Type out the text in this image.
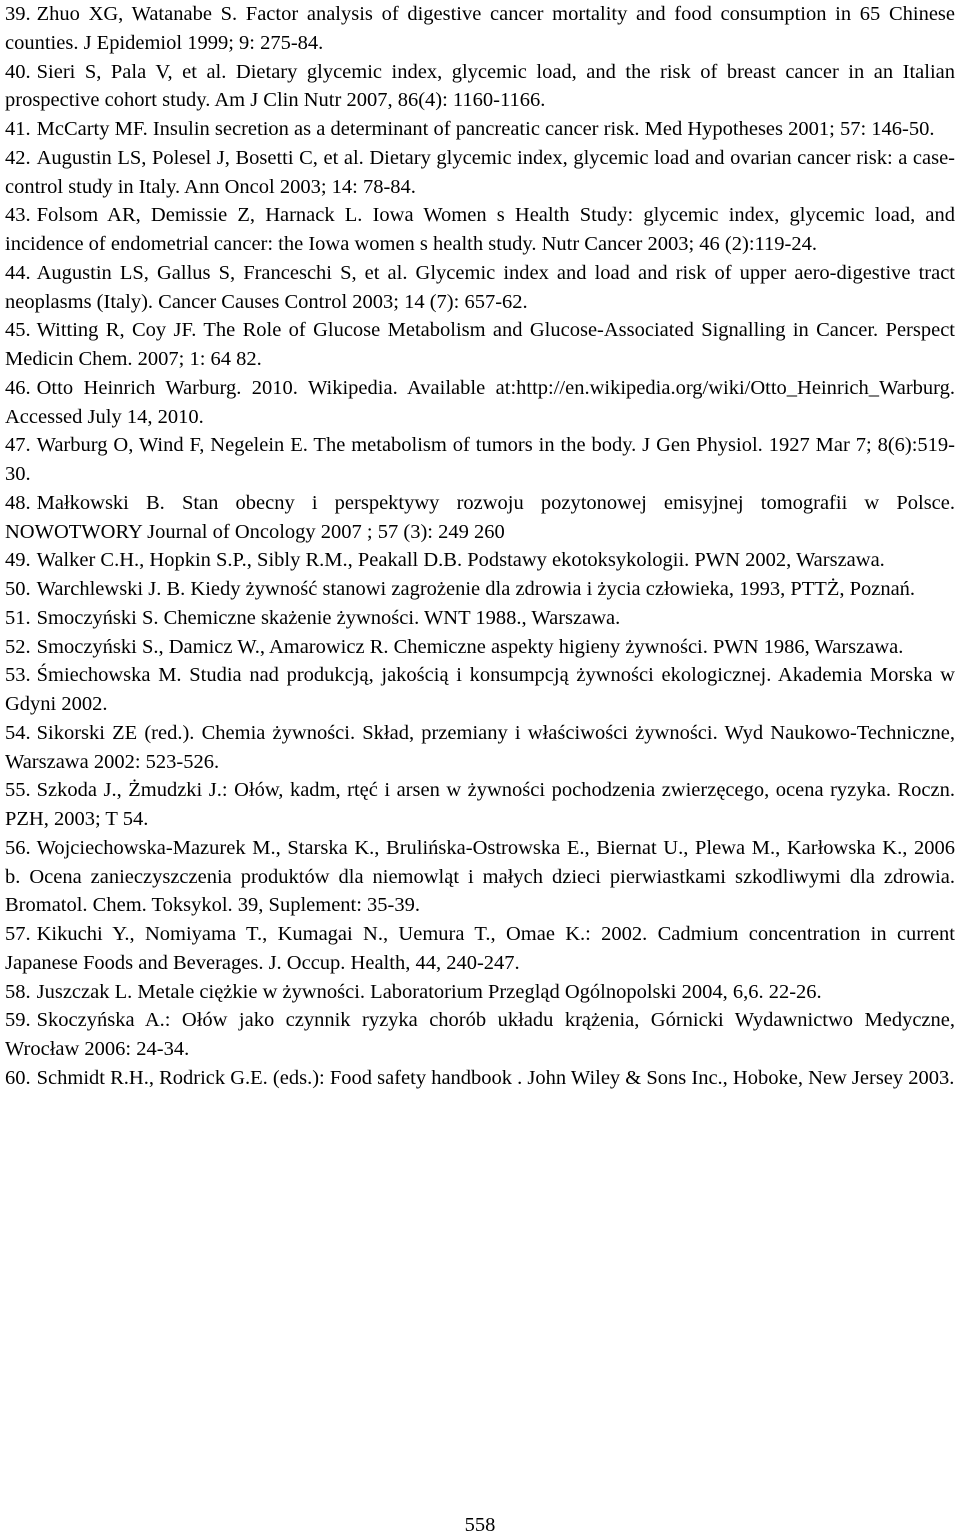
39. Zhuo XG, Watanabe S. Factor analysis of digestive cancer mortality and food consumption in 65 Chinese counties. J Epidemiol 1999; 9: 275-84.
40. Sieri S, Pala V, et al. Dietary glycemic index, glycemic load, and the risk of breast cancer in an Italian prospective cohort study. Am J Clin Nutr 2007, 86(4): 1160-1166.
41. McCarty MF. Insulin secretion as a determinant of pancreatic cancer risk. Med Hypotheses 2001; 57: 146-50.
42. Augustin LS, Polesel J, Bosetti C, et al. Dietary glycemic index, glycemic load and ovarian cancer risk: a case-control study in Italy. Ann Oncol 2003; 14: 78-84.
43. Folsom AR, Demissie Z, Harnack L. Iowa Women s Health Study: glycemic index, glycemic load, and incidence of endometrial cancer: the Iowa women s health study. Nutr Cancer 2003; 46 (2):119-24.
44. Augustin LS, Gallus S, Franceschi S, et al. Glycemic index and load and risk of upper aero-digestive tract neoplasms (Italy). Cancer Causes Control 2003; 14 (7): 657-62.
45. Witting R, Coy JF. The Role of Glucose Metabolism and Glucose-Associated Signalling in Cancer. Perspect Medicin Chem. 2007; 1: 64 82.
46. Otto Heinrich Warburg. 2010. Wikipedia. Available at:http://en.wikipedia.org/wiki/Otto_Heinrich_Warburg. Accessed July 14, 2010.
47. Warburg O, Wind F, Negelein E. The metabolism of tumors in the body. J Gen Physiol. 1927 Mar 7; 8(6):519-30.
48. Małkowski B. Stan obecny i perspektywy rozwoju pozytonowej emisyjnej tomografii w Polsce. NOWOTWORY Journal of Oncology 2007 ; 57 (3): 249 260
49. Walker C.H., Hopkin S.P., Sibly R.M., Peakall D.B. Podstawy ekotoksykologii. PWN 2002, Warszawa.
50. Warchlewski J. B. Kiedy żywność stanowi zagrożenie dla zdrowia i życia człowieka, 1993, PTTŻ, Poznań.
51. Smoczyński S. Chemiczne skażenie żywności. WNT 1988., Warszawa.
52. Smoczyński S., Damicz W., Amarowicz R. Chemiczne aspekty higieny żywności. PWN 1986, Warszawa.
53. Śmiechowska M. Studia nad produkcją, jakością i konsumpcją żywności ekologicznej. Akademia Morska w Gdyni 2002.
54. Sikorski ZE (red.). Chemia żywności. Skład, przemiany i właściwości żywności. Wyd Naukowo-Techniczne, Warszawa 2002: 523-526.
55. Szkoda J., Żmudzki J.: Ołów, kadm, rtęć i arsen w żywności pochodzenia zwierzęcego, ocena ryzyka. Roczn. PZH, 2003; T 54.
56. Wojciechowska-Mazurek M., Starska K., Brulińska-Ostrowska E., Biernat U., Plewa M., Karłowska K., 2006 b. Ocena zanieczyszczenia produktów dla niemowląt i małych dzieci pierwiastkami szkodliwymi dla zdrowia. Bromatol. Chem. Toksykol. 39, Suplement: 35-39.
57. Kikuchi Y., Nomiyama T., Kumagai N., Uemura T., Omae K.: 2002. Cadmium concentration in current Japanese Foods and Beverages. J. Occup. Health, 44, 240-247.
58. Juszczak L. Metale ciężkie w żywności. Laboratorium Przegląd Ogólnopolski 2004, 6,6. 22-26.
59. Skoczyńska A.: Ołów jako czynnik ryzyka chorób układu krążenia, Górnicki Wydawnictwo Medyczne, Wrocław 2006: 24-34.
60. Schmidt R.H., Rodrick G.E. (eds.): Food safety handbook . John Wiley & Sons Inc., Hoboke, New Jersey 2003.
558
